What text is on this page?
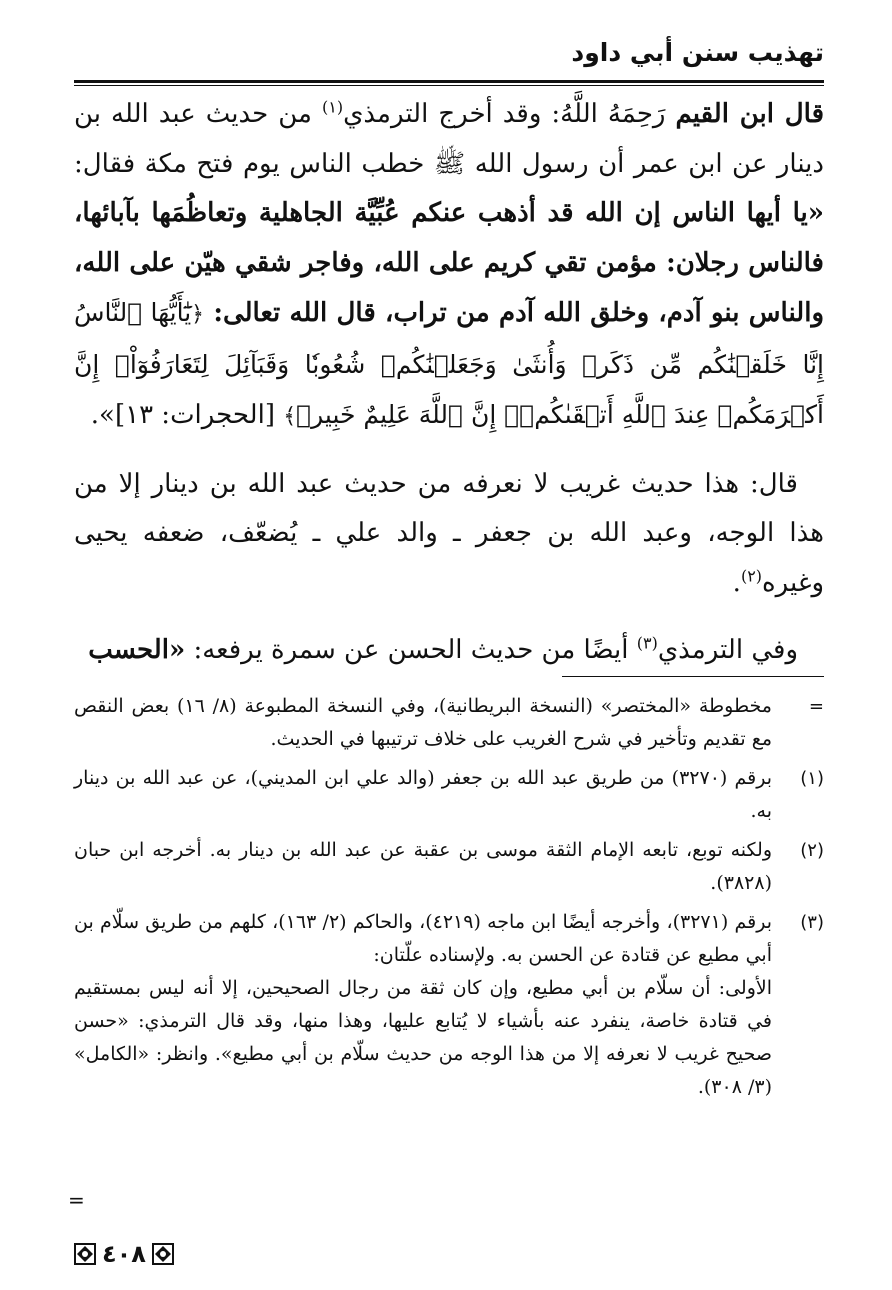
تهذيب سنن أبي داود

قال ابن القيم رَحِمَهُ اللَّهُ: وقد أخرج الترمذي$^{(١)}$ من حديث عبد الله بن دينار عن ابن عمر أن رسول الله ﷺ خطب الناس يوم فتح مكة فقال: «يا أيها الناس إن الله قد أذهب عنكم عُبِّيَّة الجاهلية وتعاظُمَها بآبائها، فالناس رجلان: مؤمن تقي كريم على الله، وفاجر شقي هيّن على الله، والناس بنو آدم، وخلق الله آدم من تراب، قال الله تعالى: ﴿يَٰٓأَيُّهَا ٱلنَّاسُ إِنَّا خَلَقۡنَٰكُم مِّن ذَكَرٖ وَأُنثَىٰ وَجَعَلۡنَٰكُمۡ شُعُوبٗا وَقَبَآئِلَ لِتَعَارَفُوٓاْۚ إِنَّ أَكۡرَمَكُمۡ عِندَ ٱللَّهِ أَتۡقَىٰكُمۡۚ إِنَّ ٱللَّهَ عَلِيمٌ خَبِيرٞ﴾ [الحجرات: ١٣]».

قال: هذا حديث غريب لا نعرفه من حديث عبد الله بن دينار إلا من هذا الوجه، وعبد الله بن جعفر ـ والد علي ـ يُضعّف، ضعفه يحيى وغيره$^{(٢)}$.

وفي الترمذي$^{(٣)}$ أيضًا من حديث الحسن عن سمرة يرفعه: «الحسب

=
مخطوطة «المختصر» (النسخة البريطانية)، وفي النسخة المطبوعة (٨/ ١٦) بعض النقص مع تقديم وتأخير في شرح الغريب على خلاف ترتيبها في الحديث.
(١)
برقم (٣٢٧٠) من طريق عبد الله بن جعفر (والد علي ابن المديني)، عن عبد الله بن دينار به.
(٢)
ولكنه توبع، تابعه الإمام الثقة موسى بن عقبة عن عبد الله بن دينار به. أخرجه ابن حبان (٣٨٢٨).
(٣)
برقم (٣٢٧١)، وأخرجه أيضًا ابن ماجه (٤٢١٩)، والحاكم (٢/ ١٦٣)، كلهم من طريق سلّام بن أبي مطيع عن قتادة عن الحسن به. ولإسناده علّتان:
الأولى: أن سلّام بن أبي مطيع، وإن كان ثقة من رجال الصحيحين، إلا أنه ليس بمستقيم في قتادة خاصة، ينفرد عنه بأشياء لا يُتابع عليها، وهذا منها، وقد قال الترمذي: «حسن صحيح غريب لا نعرفه إلا من هذا الوجه من حديث سلّام بن أبي مطيع». وانظر: «الكامل» (٣/ ٣٠٨).
=
٤٠٨
